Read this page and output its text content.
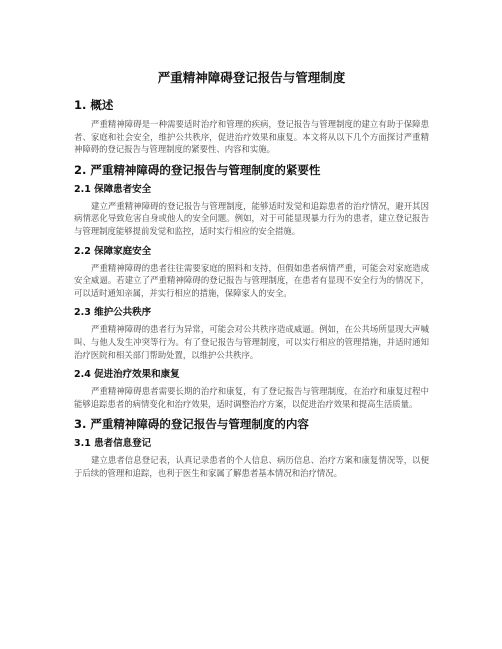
严重精神障碍登记报告与管理制度
1. 概述

严重精神障碍是一种需要适时治疗和管理的疾病，登记报告与管理制度的建立有助于保障患者、家庭和社会安全，维护公共秩序，促进治疗效果和康复。本文将从以下几个方面探讨严重精神障碍的登记报告与管理制度的紧要性、内容和实施。

2. 严重精神障碍的登记报告与管理制度的紧要性
2.1 保障患者安全

建立严重精神障碍的登记报告与管理制度，能够适时发觉和追踪患者的治疗情况，避开其因病情恶化导致危害自身或他人的安全问题。例如，对于可能显现暴力行为的患者，建立登记报告与管理制度能够提前发觉和监控，适时实行相应的安全措施。

2.2 保障家庭安全

严重精神障碍的患者往往需要家庭的照料和支持，但假如患者病情严重，可能会对家庭造成安全威逼。若建立了严重精神障碍的登记报告与管理制度，在患者有显现不安全行为的情况下，可以适时通知亲属，并实行相应的措施，保障家人的安全。

2.3 维护公共秩序

严重精神障碍的患者行为异常，可能会对公共秩序造成威逼。例如，在公共场所显现大声喊叫、与他人发生冲突等行为。有了登记报告与管理制度，可以实行相应的管理措施，并适时通知治疗医院和相关部门帮助处置，以维护公共秩序。

2.4 促进治疗效果和康复

严重精神障碍患者需要长期的治疗和康复，有了登记报告与管理制度，在治疗和康复过程中能够追踪患者的病情变化和治疗效果，适时调整治疗方案，以促进治疗效果和提高生活质量。

3. 严重精神障碍的登记报告与管理制度的内容
3.1 患者信息登记

建立患者信息登记表，认真记录患者的个人信息、病历信息、治疗方案和康复情况等，以便于后续的管理和追踪，也利于医生和家属了解患者基本情况和治疗情况。
